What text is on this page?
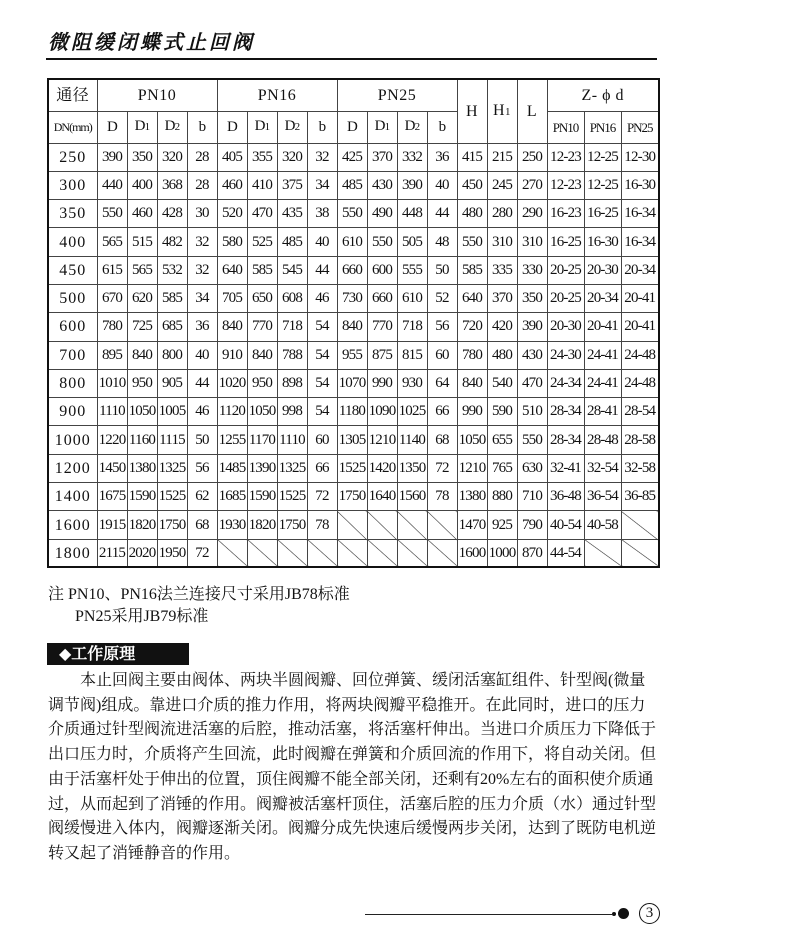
微阻缓闭蝶式止回阀
通径	PN10				PN16				PN25				H	H1	L	Z- ϕ d		
DN(mm)	D	D1	D2	b	D	D1	D2	b	D	D1	D2	b				PN10	PN16	PN25
250	390	350	320	28	405	355	320	32	425	370	332	36	415	215	250	12-23	12-25	12-30
300	440	400	368	28	460	410	375	34	485	430	390	40	450	245	270	12-23	12-25	16-30
350	550	460	428	30	520	470	435	38	550	490	448	44	480	280	290	16-23	16-25	16-34
400	565	515	482	32	580	525	485	40	610	550	505	48	550	310	310	16-25	16-30	16-34
450	615	565	532	32	640	585	545	44	660	600	555	50	585	335	330	20-25	20-30	20-34
500	670	620	585	34	705	650	608	46	730	660	610	52	640	370	350	20-25	20-34	20-41
600	780	725	685	36	840	770	718	54	840	770	718	56	720	420	390	20-30	20-41	20-41
700	895	840	800	40	910	840	788	54	955	875	815	60	780	480	430	24-30	24-41	24-48
800	1010	950	905	44	1020	950	898	54	1070	990	930	64	840	540	470	24-34	24-41	24-48
900	1110	1050	1005	46	1120	1050	998	54	1180	1090	1025	66	990	590	510	28-34	28-41	28-54
1000	1220	1160	1115	50	1255	1170	1110	60	1305	1210	1140	68	1050	655	550	28-34	28-48	28-58
1200	1450	1380	1325	56	1485	1390	1325	66	1525	1420	1350	72	1210	765	630	32-41	32-54	32-58
1400	1675	1590	1525	62	1685	1590	1525	72	1750	1640	1560	78	1380	880	710	36-48	36-54	36-85
1600	1915	1820	1750	68	1930	1820	1750	78					1470	925	790	40-54	40-58	
1800	2115	2020	1950	72									1600	1000	870	44-54		
注 PN10、PN16法兰连接尺寸采用JB78标准
PN25采用JB79标准
◆工作原理
本止回阀主要由阀体、两块半圆阀瓣、回位弹簧、缓闭活塞缸组件、针型阀(微量调节阀)组成。靠进口介质的推力作用，将两块阀瓣平稳推开。在此同时，进口的压力介质通过针型阀流进活塞的后腔，推动活塞，将活塞杆伸出。当进口介质压力下降低于出口压力时，介质将产生回流，此时阀瓣在弹簧和介质回流的作用下，将自动关闭。但由于活塞杆处于伸出的位置，顶住阀瓣不能全部关闭，还剩有20%左右的面积使介质通过，从而起到了消锤的作用。阀瓣被活塞杆顶住，活塞后腔的压力介质（水）通过针型阀缓慢进入体内，阀瓣逐渐关闭。阀瓣分成先快速后缓慢两步关闭，达到了既防电机逆转又起了消锤静音的作用。
3
